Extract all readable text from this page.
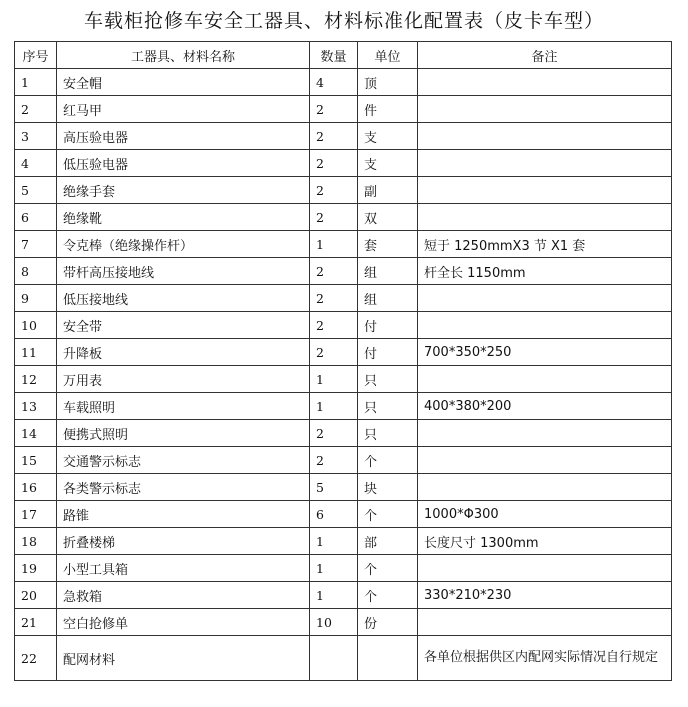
车载柜抢修车安全工器具、材料标准化配置表（皮卡车型）
序号	工器具、材料名称	数量	单位	备注
1	安全帽	4	顶	
2	红马甲	2	件	
3	高压验电器	2	支	
4	低压验电器	2	支	
5	绝缘手套	2	副	
6	绝缘靴	2	双	
7	令克棒（绝缘操作杆）	1	套	短于 1250mmX3 节 X1 套
8	带杆高压接地线	2	组	杆全长 1150mm
9	低压接地线	2	组	
10	安全带	2	付	
11	升降板	2	付	700*350*250
12	万用表	1	只	
13	车载照明	1	只	400*380*200
14	便携式照明	2	只	
15	交通警示标志	2	个	
16	各类警示标志	5	块	
17	路锥	6	个	1000*Φ300
18	折叠楼梯	1	部	长度尺寸 1300mm
19	小型工具箱	1	个	
20	急救箱	1	个	330*210*230
21	空白抢修单	10	份	
22	配网材料			各单位根据供区内配网实际情况自行规定
